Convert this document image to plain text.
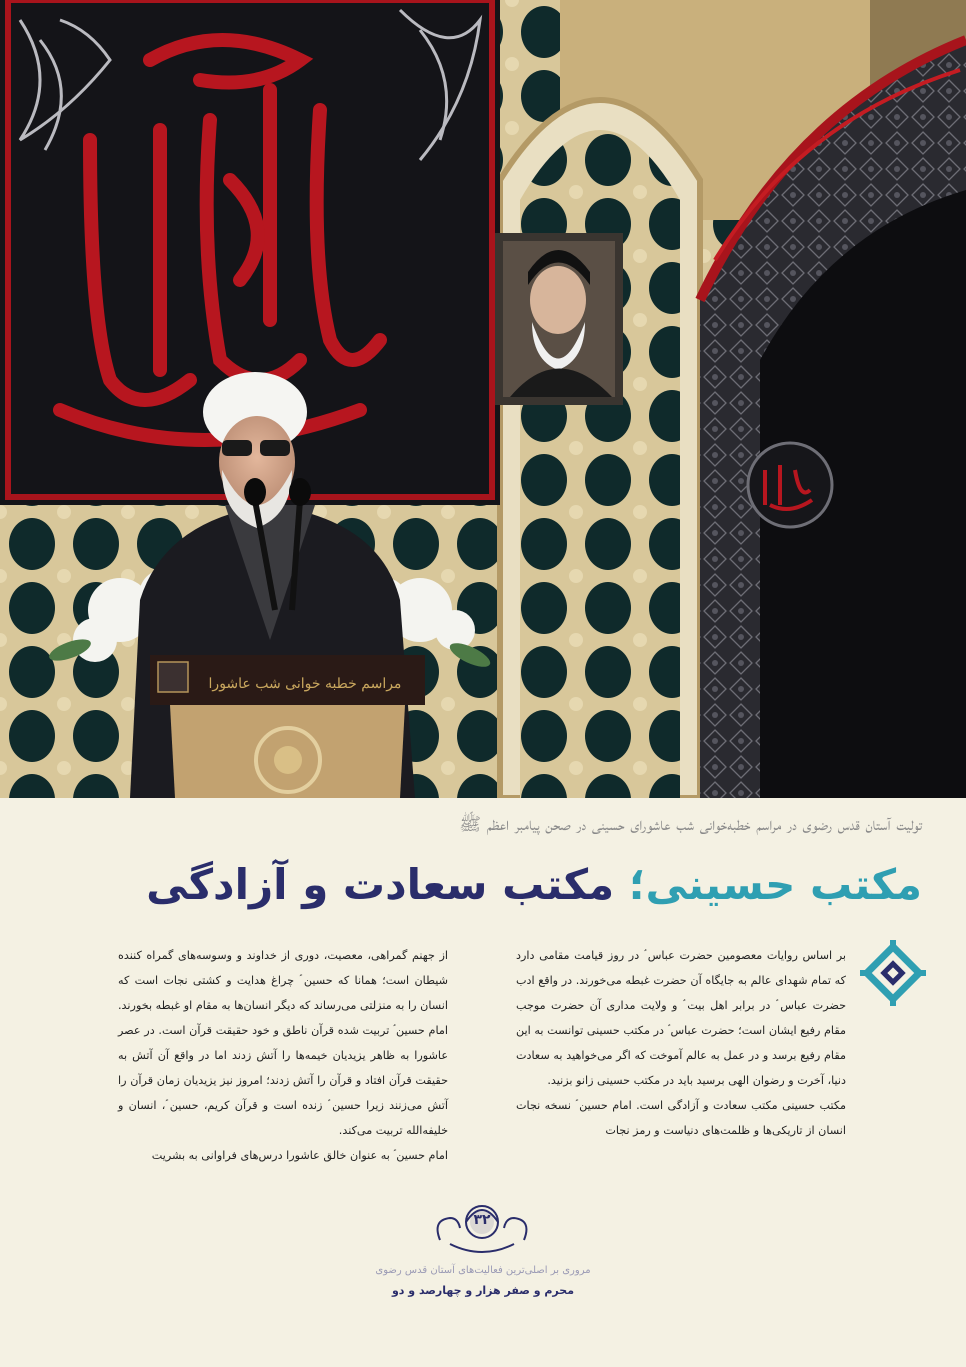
مراسم خطبه خوانی شب عاشورا
تولیت آستان قدس رضوی در مراسم خطبه‌خوانی شب عاشورای حسینی در صحن پیامبر اعظم ﷺ
مکتب حسینی؛ مکتب سعادت و آزادگی

بر اساس روایات معصومین حضرت عباس ؑ در روز قیامت مقامی دارد که تمام شهدای عالم به جایگاه آن حضرت غبطه می‌خورند. در واقع ادب حضرت عباس ؑ در برابر اهل بیت ؑ و ولایت مداری آن حضرت موجب مقام رفیع ایشان است؛ حضرت عباس ؑ در مکتب حسینی توانست به این مقام رفیع برسد و در عمل به عالم آموخت که اگر می‌خواهید به سعادت دنیا، آخرت و رضوان الهی برسید باید در مکتب حسینی زانو بزنید.

مکتب حسینی مکتب سعادت و آزادگی است. امام حسین ؑ نسخه نجات انسان از تاریکی‌ها و ظلمت‌های دنیاست و رمز نجات

از جهنم گمراهی، معصیت، دوری از خداوند و وسوسه‌های گمراه کننده شیطان است؛ همانا که حسین ؑ چراغ هدایت و کشتی نجات است که انسان را به منزلتی می‌رساند که دیگر انسان‌ها به مقام او غبطه بخورند. امام حسین ؑ تربیت شده قرآن ناطق و خود حقیقت قرآن است. در عصر عاشورا به ظاهر یزیدیان خیمه‌ها را آتش زدند اما در واقع آن آتش به حقیقت قرآن افتاد و قرآن را آتش زدند؛ امروز نیز یزیدیان زمان قرآن را آتش می‌زنند زیرا حسین ؑ زنده است و قرآن کریم، حسین ؑ، انسان و خلیفه‌الله تربیت می‌کند.

امام حسین ؑ به عنوان خالق عاشورا درس‌های فراوانی به بشریت

۳۲
مروری بر اصلی‌ترین فعالیت‌های آستان قدس رضوی
محرم و صفر هزار و چهارصد و دو
